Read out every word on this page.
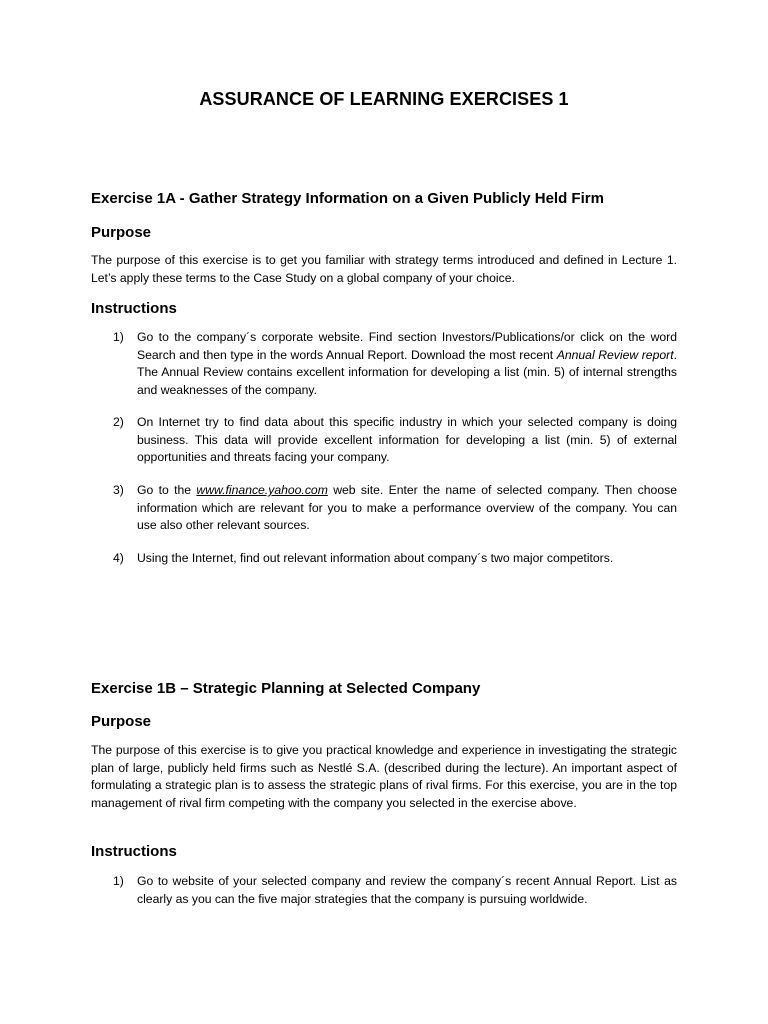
ASSURANCE OF LEARNING EXERCISES 1
Exercise 1A - Gather Strategy Information on a Given Publicly Held Firm
Purpose
The purpose of this exercise is to get you familiar with strategy terms introduced and defined in Lecture 1. Let’s apply these terms to the Case Study on a global company of your choice.
Instructions
1)	Go to the company´s corporate website. Find section Investors/Publications/or click on the word Search and then type in the words Annual Report. Download the most recent Annual Review report. The Annual Review contains excellent information for developing a list (min. 5) of internal strengths and weaknesses of the company.
2)	On Internet try to find data about this specific industry in which your selected company is doing business. This data will provide excellent information for developing a list (min. 5) of external opportunities and threats facing your company.
3)	Go to the www.finance.yahoo.com web site. Enter the name of selected company. Then choose information which are relevant for you to make a performance overview of the company. You can use also other relevant sources.
4)	Using the Internet, find out relevant information about company´s two major competitors.
Exercise 1B – Strategic Planning at Selected Company
Purpose
The purpose of this exercise is to give you practical knowledge and experience in investigating the strategic plan of large, publicly held firms such as Nestlé S.A. (described during the lecture). An important aspect of formulating a strategic plan is to assess the strategic plans of rival firms. For this exercise, you are in the top management of rival firm competing with the company you selected in the exercise above.
Instructions
1)	Go to website of your selected company and review the company´s recent Annual Report. List as clearly as you can the five major strategies that the company is pursuing worldwide.
